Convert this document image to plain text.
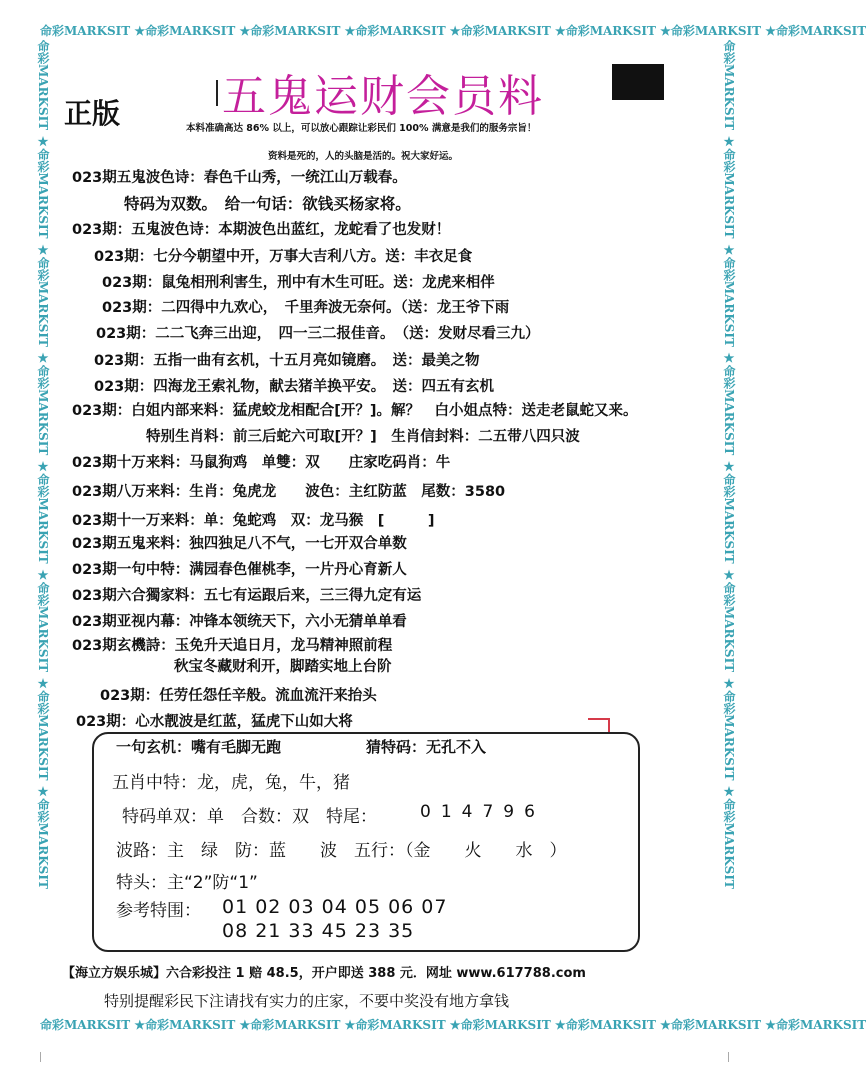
命彩MARKSIT ★命彩MARKSIT ★命彩MARKSIT ★命彩MARKSIT ★命彩MARKSIT ★命彩MARKSIT ★命彩MARKSIT ★命彩MARKSIT
命彩MARKSIT ★命彩MARKSIT ★命彩MARKSIT ★命彩MARKSIT ★命彩MARKSIT ★命彩MARKSIT ★命彩MARKSIT ★命彩MARKSIT
命彩MARKSIT ★命彩MARKSIT ★命彩MARKSIT ★命彩MARKSIT ★命彩MARKSIT ★命彩MARKSIT ★命彩MARKSIT ★命彩MARKSIT	命彩MARKSIT ★命彩MARKSIT ★命彩MARKSIT ★命彩MARKSIT ★命彩MARKSIT ★命彩MARKSIT ★命彩MARKSIT ★命彩MARKSIT
五鬼运财会员料
正版	本料准确高达 86% 以上，可以放心跟踪让彩民们 100% 满意是我们的服务宗旨！
资料是死的，人的头脑是活的。祝大家好运。
023期五鬼波色诗：春色千山秀，一统江山万载春。
特码为双数。　给一句话：欲钱买杨家将。
023期：五鬼波色诗：本期波色出蓝红，龙蛇看了也发财！
023期：七分今朝望中开，万事大吉利八方。送：丰衣足食
023期：鼠兔相刑利害生，刑中有木生可旺。送：龙虎来相伴
023期：二四得中九欢心，　千里奔波无奈何。（送：龙王爷下雨
023期：二二飞奔三出迎，　四一三二报佳音。　（送：发财尽看三九）
023期：五指一曲有玄机，十五月亮如镜磨。　送：最美之物
023期：四海龙王索礼物，献去猪羊换平安。　送：四五有玄机
023期：白姐内部来料：猛虎蛟龙相配合[开？]。解？　白小姐点特：送走老鼠蛇又来。
特别生肖料：前三后蛇六可取[开？]　生肖信封料：二五带八四只波
023期十万来料：马鼠狗鸡　单雙：双　　庄家吃码肖：牛
023期八万来料：生肖：兔虎龙　　波色：主红防蓝　尾数：3580
023期十一万来料：单：兔蛇鸡　双：龙马猴　[　　　]
023期五鬼来料：独四独足八不气，一七开双合单数
023期一句中特：满园春色催桃李，一片丹心育新人
023期六合獨家料：五七有运跟后来，三三得九定有运
023期亚视内幕：冲锋本领统天下，六小无猜单单看
023期玄機詩：玉免升天追日月，龙马精神照前程
秋宝冬藏财利开，脚踏实地上台阶
023期：任劳任怨任辛般。流血流汗来抬头
023期：心水靓波是红蓝，猛虎下山如大将
一句玄机：嘴有毛脚无跑	猜特码：无孔不入
五肖中特：龙，虎，兔，牛，猪
特码单双：单　合数：双　特尾：	014796
波路：主　绿　防：蓝　　波　五行：（金　　火　　水　）
特头：主“2”防“1”
参考特围： 01 02 03 04 05 06 07
08 21 33 45 23 35
【海立方娱乐城】六合彩投注 1 赔 48.5，开户即送 388 元．网址 www.617788.com
特别提醒彩民下注请找有实力的庄家，不要中奖没有地方拿钱
